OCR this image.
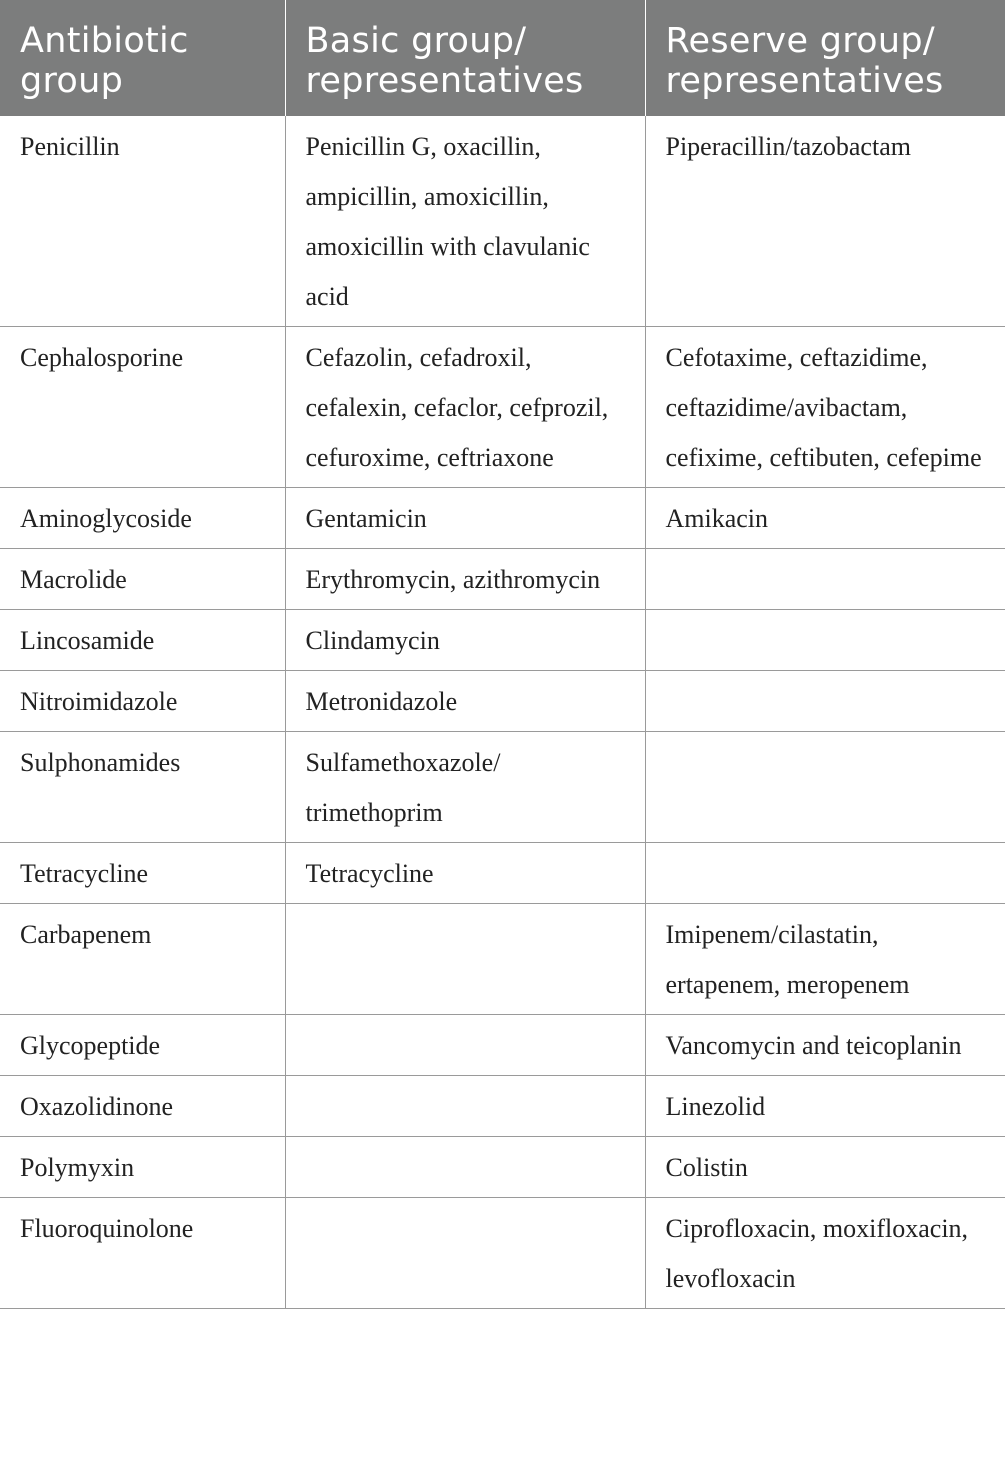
Antibiotic group	Basic group/ representatives	Reserve group/ representatives
Penicillin	Penicillin G, oxacillin, ampicillin, amoxicillin, amoxicillin with clavulanic acid	Piperacillin/tazobactam
Cephalosporine	Cefazolin, cefadroxil, cefalexin, cefaclor, cefprozil, cefuroxime, ceftriaxone	Cefotaxime, ceftazidime, ceftazidime/avibactam, cefixime, ceftibuten, cefepime
Aminoglycoside	Gentamicin	Amikacin
Macrolide	Erythromycin, azithromycin	
Lincosamide	Clindamycin	
Nitroimidazole	Metronidazole	
Sulphonamides	Sulfamethoxazole/ trimethoprim	
Tetracycline	Tetracycline	
Carbapenem		Imipenem/cilastatin, ertapenem, meropenem
Glycopeptide		Vancomycin and teicoplanin
Oxazolidinone		Linezolid
Polymyxin		Colistin
Fluoroquinolone		Ciprofloxacin, moxifloxacin, levofloxacin
